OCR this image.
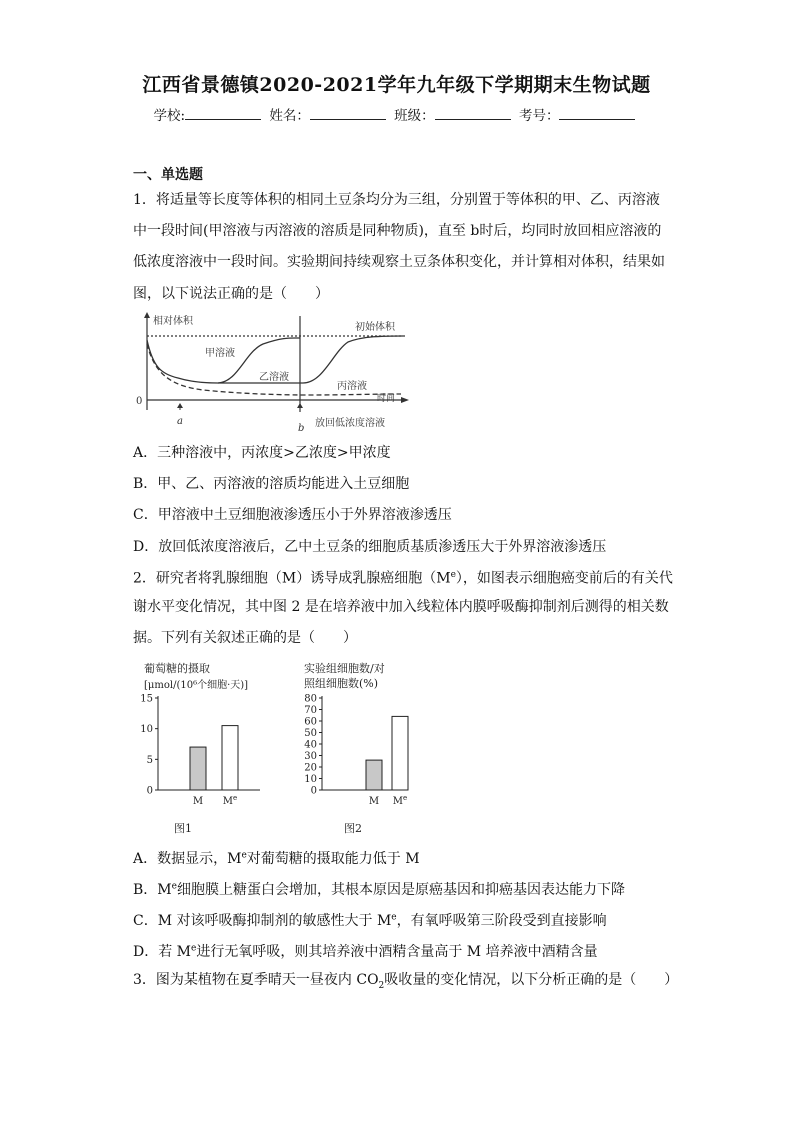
江西省景德镇2020-2021学年九年级下学期期末生物试题
学校:	姓名：	班级：	考号：
一、单选题
1．将适量等长度等体积的相同土豆条均分为三组，分别置于等体积的甲、乙、丙溶液
中一段时间(甲溶液与丙溶液的溶质是同种物质)，直至 b时后，均同时放回相应溶液的
低浓度溶液中一段时间。实验期间持续观察土豆条体积变化，并计算相对体积，结果如
图，以下说法正确的是（　　）
相对体积
0	时间
初始体积
甲溶液
乙溶液
丙溶液
a
b 放回低浓度溶液
A．三种溶液中，丙浓度>乙浓度>甲浓度
B．甲、乙、丙溶液的溶质均能进入土豆细胞
C．甲溶液中土豆细胞液渗透压小于外界溶液渗透压
D．放回低浓度溶液后，乙中土豆条的细胞质基质渗透压大于外界溶液渗透压
2．研究者将乳腺细胞（M）诱导成乳腺癌细胞（Me），如图表示细胞癌变前后的有关代
谢水平变化情况，其中图 2 是在培养液中加入线粒体内膜呼吸酶抑制剂后测得的相关数
据。下列有关叙述正确的是（　　）
葡萄糖的摄取
[μmol/(10⁶个细胞·天)]
图1
0
5
10
15
M Me
实验组细胞数/对
照组细胞数(%)
图2
0
10
20
30
40
50
60
70
80
M Me
A．数据显示，Me对葡萄糖的摄取能力低于 M
B．Me细胞膜上糖蛋白会增加，其根本原因是原癌基因和抑癌基因表达能力下降
C．M 对该呼吸酶抑制剂的敏感性大于 Me，有氧呼吸第三阶段受到直接影响
D．若 Me进行无氧呼吸，则其培养液中酒精含量高于 M 培养液中酒精含量
3．图为某植物在夏季晴天一昼夜内 $CO_2$吸收量的变化情况，以下分析正确的是（　　）
